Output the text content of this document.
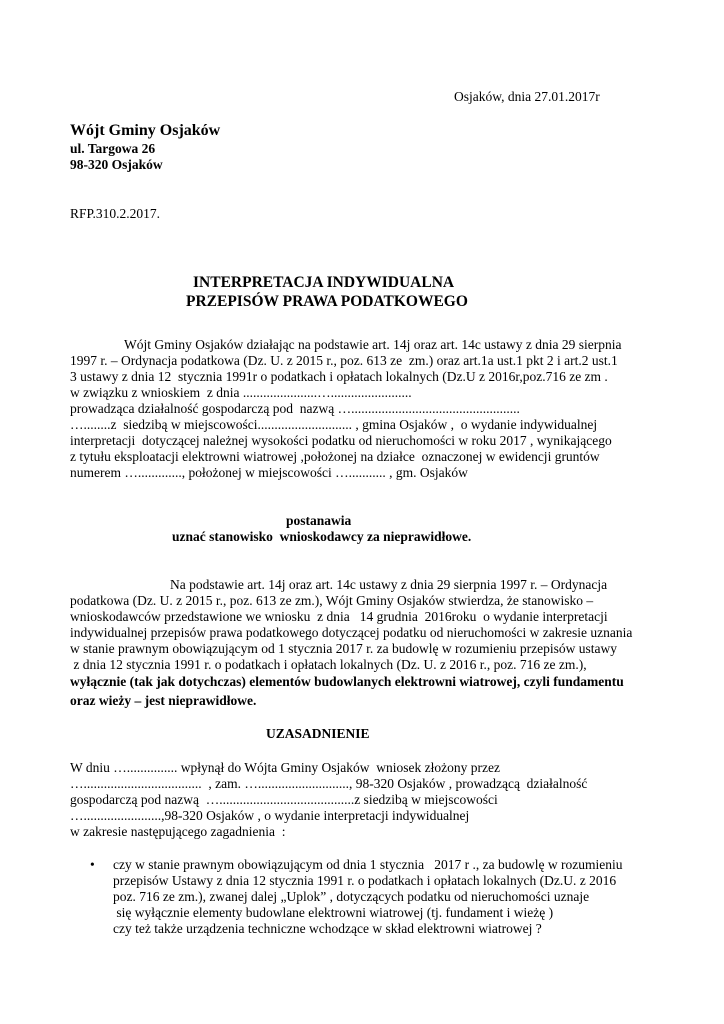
Osjaków, dnia 27.01.2017r
Wójt Gminy Osjaków
ul. Targowa 26
98-320 Osjaków
RFP.310.2.2017.
INTERPRETACJA INDYWIDUALNA
PRZEPISÓW PRAWA PODATKOWEGO
Wójt Gminy Osjaków działając na podstawie art. 14j oraz art. 14c ustawy z dnia 29 sierpnia
1997 r. – Ordynacja podatkowa (Dz. U. z 2015 r., poz. 613 ze  zm.) oraz art.1a ust.1 pkt 2 i art.2 ust.1
3 ustawy z dnia 12  stycznia 1991r o podatkach i opłatach lokalnych (Dz.U z 2016r,poz.716 ze zm .
w związku z wnioskiem  z dnia ......................…........................
prowadząca działalność gospodarczą pod  nazwą …..................................................
…........z  siedzibą w miejscowości............................ , gmina Osjaków ,  o wydanie indywidualnej
interpretacji  dotyczącej należnej wysokości podatku od nieruchomości w roku 2017 , wynikającego
z tytułu eksploatacji elektrowni wiatrowej ,położonej na działce  oznaczonej w ewidencji gruntów
numerem …............., położonej w miejscowości …........... , gm. Osjaków
postanawia
uznać stanowisko  wnioskodawcy za nieprawidłowe.
Na podstawie art. 14j oraz art. 14c ustawy z dnia 29 sierpnia 1997 r. – Ordynacja
podatkowa (Dz. U. z 2015 r., poz. 613 ze zm.), Wójt Gminy Osjaków stwierdza, że stanowisko –
wnioskodawców przedstawione we wniosku  z dnia   14 grudnia  2016roku  o wydanie interpretacji
indywidualnej przepisów prawa podatkowego dotyczącej podatku od nieruchomości w zakresie uznania
w stanie prawnym obowiązującym od 1 stycznia 2017 r. za budowlę w rozumieniu przepisów ustawy
z dnia 12 stycznia 1991 r. o podatkach i opłatach lokalnych (Dz. U. z 2016 r., poz. 716 ze zm.),
wyłącznie (tak jak dotychczas) elementów budowlanych elektrowni wiatrowej, czyli fundamentu
oraz wieży – jest nieprawidłowe.
UZASADNIENIE
W dniu …............... wpłynął do Wójta Gminy Osjaków  wniosek złożony przez
…...................................  , zam. …..........................., 98-320 Osjaków , prowadzącą  działalność
gospodarczą pod nazwą  …........................................z siedzibą w miejscowości
….......................,98-320 Osjaków , o wydanie interpretacji indywidualnej
w zakresie następującego zagadnienia  :
• czy w stanie prawnym obowiązującym od dnia 1 stycznia   2017 r ., za budowlę w rozumieniu
przepisów Ustawy z dnia 12 stycznia 1991 r. o podatkach i opłatach lokalnych (Dz.U. z 2016
poz. 716 ze zm.), zwanej dalej „Uplok” , dotyczących podatku od nieruchomości uznaje
się wyłącznie elementy budowlane elektrowni wiatrowej (tj. fundament i wieżę )
czy też także urządzenia techniczne wchodzące w skład elektrowni wiatrowej ?
